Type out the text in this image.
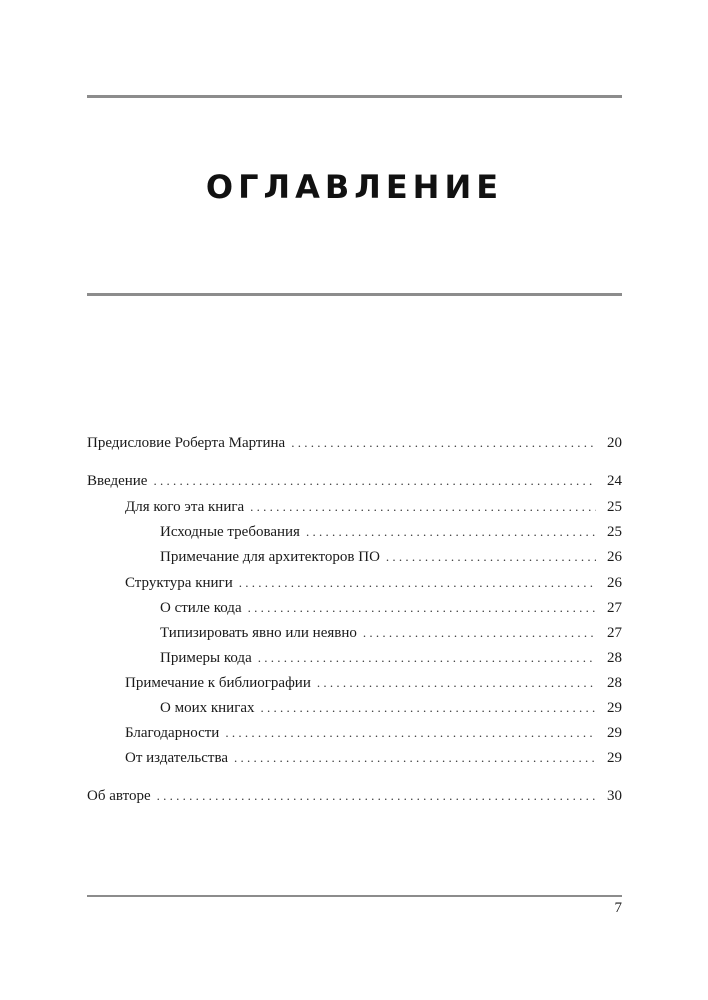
ОГЛАВЛЕНИЕ
Предисловие Роберта Мартина . . .	20
Введение . . .	24
Для кого эта книга . . .	25
Исходные требования . . .	25
Примечание для архитекторов ПО . . .	26
Структура книги . . .	26
О стиле кода . . .	27
Типизировать явно или неявно . . .	27
Примеры кода . . .	28
Примечание к библиографии . . .	28
О моих книгах . . .	29
Благодарности . . .	29
От издательства . . .	29
Об авторе . . .	30
7
